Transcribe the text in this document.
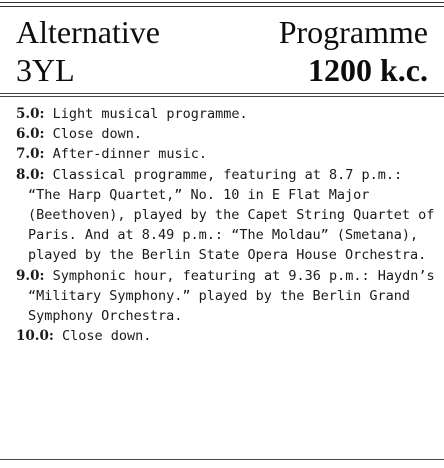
Alternative	Programme
3YL	1200 k.c.

5.0: Light musical programme.

6.0: Close down.

7.0: After-dinner music.

8.0: Classical programme, featuring at 8.7 p.m.: “The Harp Quartet,” No. 10 in E Flat Major (Beethoven), played by the Capet String Quartet of Paris. And at 8.49 p.m.: “The Moldau” (Smetana), played by the Berlin State Opera House Orchestra.

9.0: Symphonic hour, featuring at 9.36 p.m.: Haydn’s “Military Symphony.” played by the Berlin Grand Symphony Orchestra.

10.0: Close down.
